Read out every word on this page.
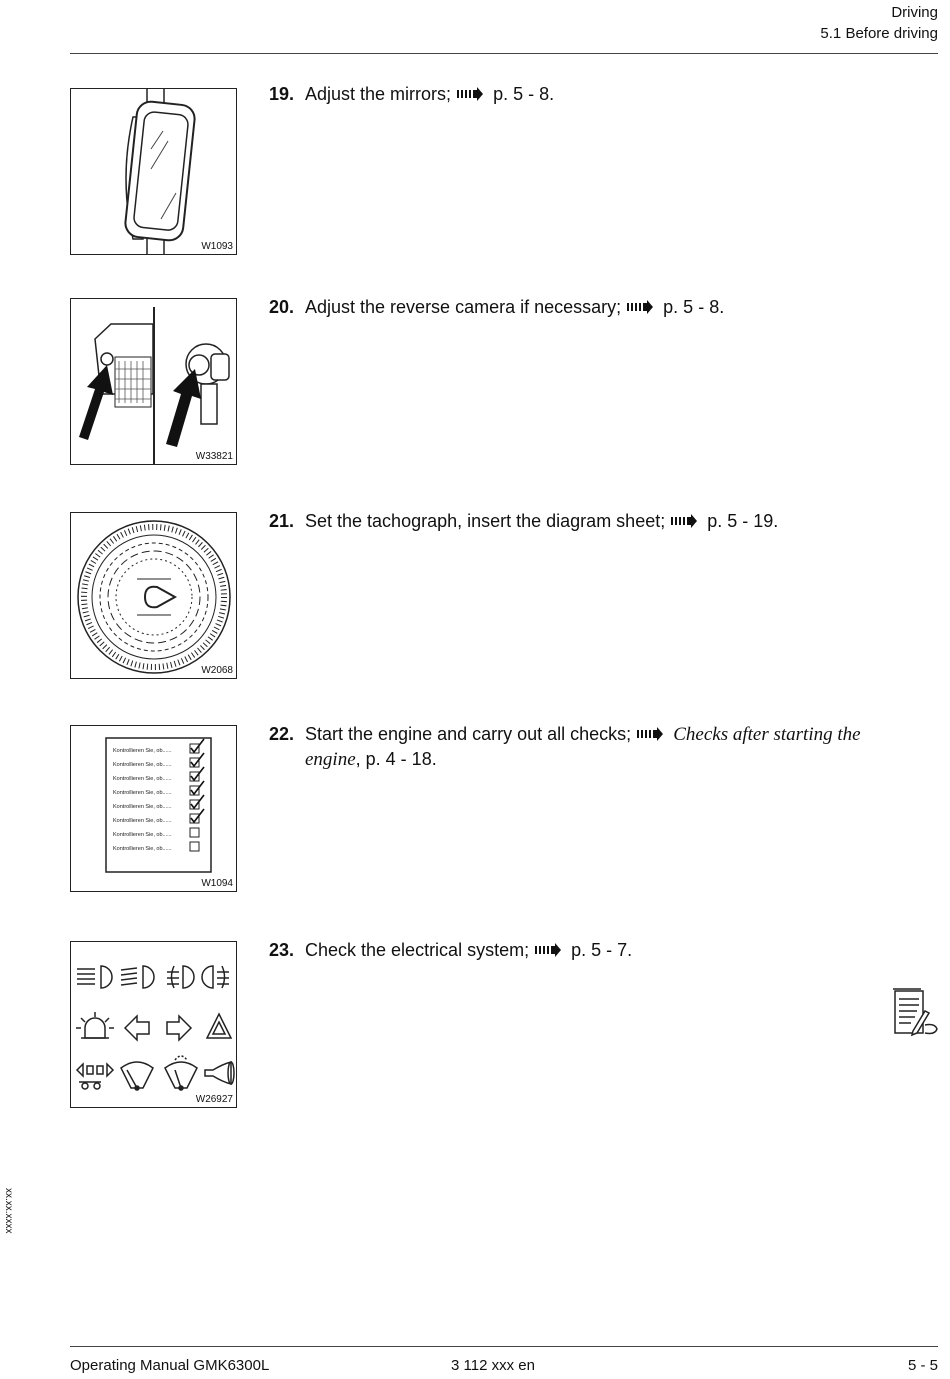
Driving
5.1 Before driving
W1093
19. Adjust the mirrors; p. 5 - 8.
W33821
20. Adjust the reverse camera if necessary; p. 5 - 8.
W2068
21. Set the tachograph, insert the diagram sheet; p. 5 - 19.
Kontrollieren Sie, ob......
Kontrollieren Sie, ob......
Kontrollieren Sie, ob......
Kontrollieren Sie, ob......
Kontrollieren Sie, ob......
Kontrollieren Sie, ob......
Kontrollieren Sie, ob......
Kontrollieren Sie, ob......
W1094
22. Start the engine and carry out all checks; Checks after starting the
engine, p. 4 - 18.
W26927
23. Check the electrical system; p. 5 - 7.
xx.xx.xxxx
Operating Manual GMK6300L	3 112 xxx en	5 - 5
